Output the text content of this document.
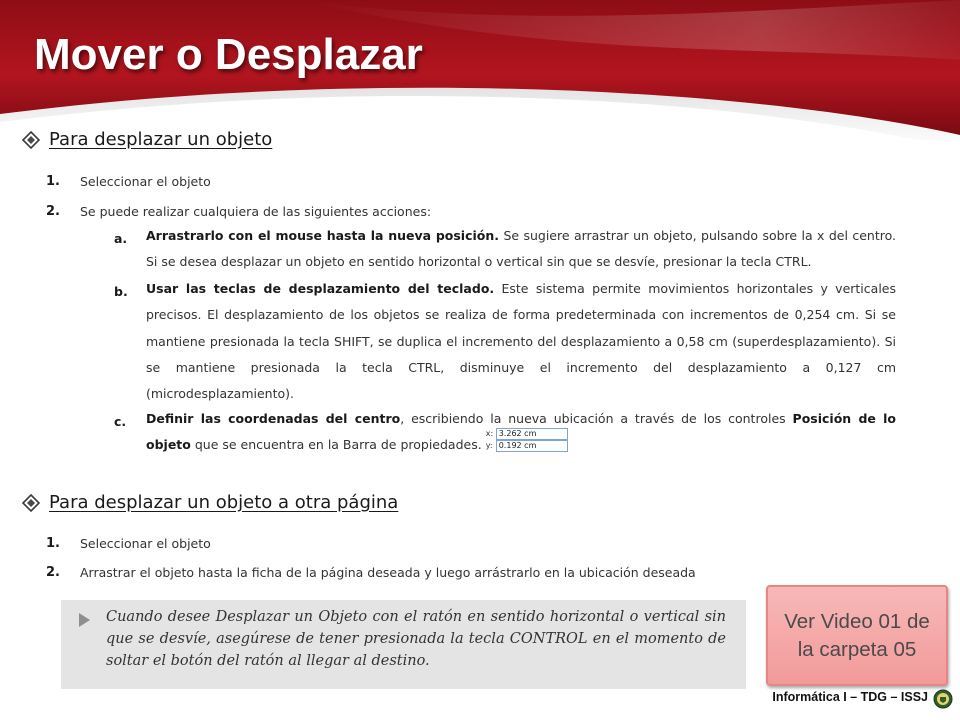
Mover o Desplazar
Para desplazar un objeto
1. Seleccionar el objeto
2. Se puede realizar cualquiera de las siguientes acciones:
a. Arrastrarlo con el mouse hasta la nueva posición. Se sugiere arrastrar un objeto, pulsando sobre la x del centro. Si se desea desplazar un objeto en sentido horizontal o vertical sin que se desvíe, presionar la tecla CTRL.

b. Usar las teclas de desplazamiento del teclado. Este sistema permite movimientos horizontales y verticales precisos. El desplazamiento de los objetos se realiza de forma predeterminada con incrementos de 0,254 cm. Si se mantiene presionada la tecla SHIFT, se duplica el incremento del desplazamiento a 0,58 cm (superdesplazamiento). Si se mantiene presionada la tecla CTRL, disminuye el incremento del desplazamiento a 0,127 cm (microdesplazamiento).

c. Definir las coordenadas del centro, escribiendo la nueva ubicación a través de los controles Posición de lo objeto que se encuentra en la Barra de propiedades.
x: 3.262 cm
y: 0.192 cm

Para desplazar un objeto a otra página
1. Seleccionar el objeto
2. Arrastrar el objeto hasta la ficha de la página deseada y luego arrástrarlo en la ubicación deseada

Cuando desee Desplazar un Objeto con el ratón en sentido horizontal o vertical sin que se desvíe, asegúrese de tener presionada la tecla CONTROL en el momento de soltar el botón del ratón al llegar al destino.

Ver Video 01 de la carpeta 05
Informática I – TDG – ISSJ
